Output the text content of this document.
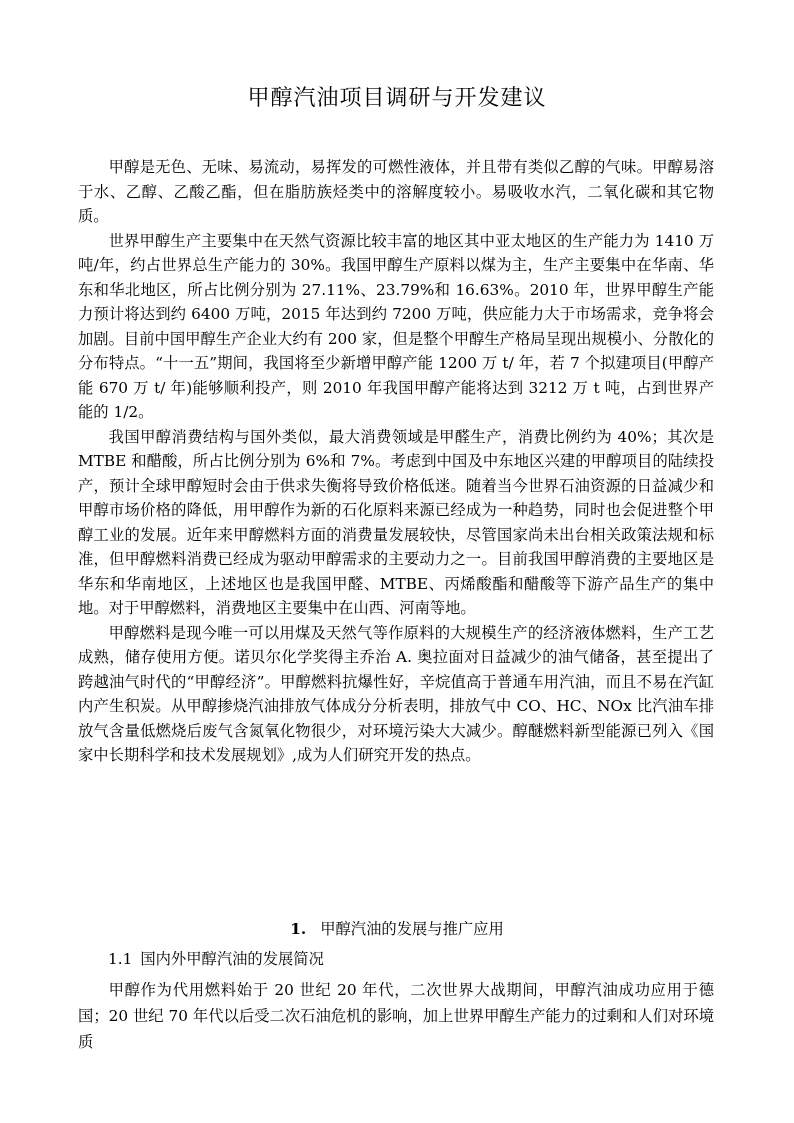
甲醇汽油项目调研与开发建议

甲醇是无色、无味、易流动，易挥发的可燃性液体，并且带有类似乙醇的气味。甲醇易溶于水、乙醇、乙酸乙酯，但在脂肪族烃类中的溶解度较小。易吸收水汽，二氧化碳和其它物质。

世界甲醇生产主要集中在天然气资源比较丰富的地区其中亚太地区的生产能力为 1410 万吨/年，约占世界总生产能力的 30%。我国甲醇生产原料以煤为主，生产主要集中在华南、华东和华北地区，所占比例分别为 27.11%、23.79%和 16.63%。2010 年，世界甲醇生产能力预计将达到约 6400 万吨，2015 年达到约 7200 万吨，供应能力大于市场需求，竞争将会加剧。目前中国甲醇生产企业大约有 200 家，但是整个甲醇生产格局呈现出规模小、分散化的分布特点。“十一五”期间，我国将至少新增甲醇产能 1200 万 t/ 年，若 7 个拟建项目(甲醇产能 670 万 t/ 年)能够顺利投产，则 2010 年我国甲醇产能将达到 3212 万 t 吨，占到世界产能的 1/2。

我国甲醇消费结构与国外类似，最大消费领域是甲醛生产，消费比例约为 40%；其次是 MTBE 和醋酸，所占比例分别为 6%和 7%。考虑到中国及中东地区兴建的甲醇项目的陆续投产，预计全球甲醇短时会由于供求失衡将导致价格低迷。随着当今世界石油资源的日益减少和甲醇市场价格的降低，用甲醇作为新的石化原料来源已经成为一种趋势，同时也会促进整个甲醇工业的发展。近年来甲醇燃料方面的消费量发展较快，尽管国家尚未出台相关政策法规和标准，但甲醇燃料消费已经成为驱动甲醇需求的主要动力之一。目前我国甲醇消费的主要地区是华东和华南地区，上述地区也是我国甲醛、MTBE、丙烯酸酯和醋酸等下游产品生产的集中地。对于甲醇燃料，消费地区主要集中在山西、河南等地。

甲醇燃料是现今唯一可以用煤及天然气等作原料的大规模生产的经济液体燃料，生产工艺成熟，储存使用方便。诺贝尔化学奖得主乔治 A. 奥拉面对日益减少的油气储备，甚至提出了跨越油气时代的“甲醇经济”。甲醇燃料抗爆性好，辛烷值高于普通车用汽油，而且不易在汽缸内产生积炭。从甲醇掺烧汽油排放气体成分分析表明，排放气中 CO、HC、NOx 比汽油车排放气含量低燃烧后废气含氮氧化物很少，对环境污染大大减少。醇醚燃料新型能源已列入《国家中长期科学和技术发展规划》,成为人们研究开发的热点。

1. 甲醇汽油的发展与推广应用
1.1 国内外甲醇汽油的发展简况

甲醇作为代用燃料始于 20 世纪 20 年代，二次世界大战期间，甲醇汽油成功应用于德国；20 世纪 70 年代以后受二次石油危机的影响，加上世界甲醇生产能力的过剩和人们对环境质
